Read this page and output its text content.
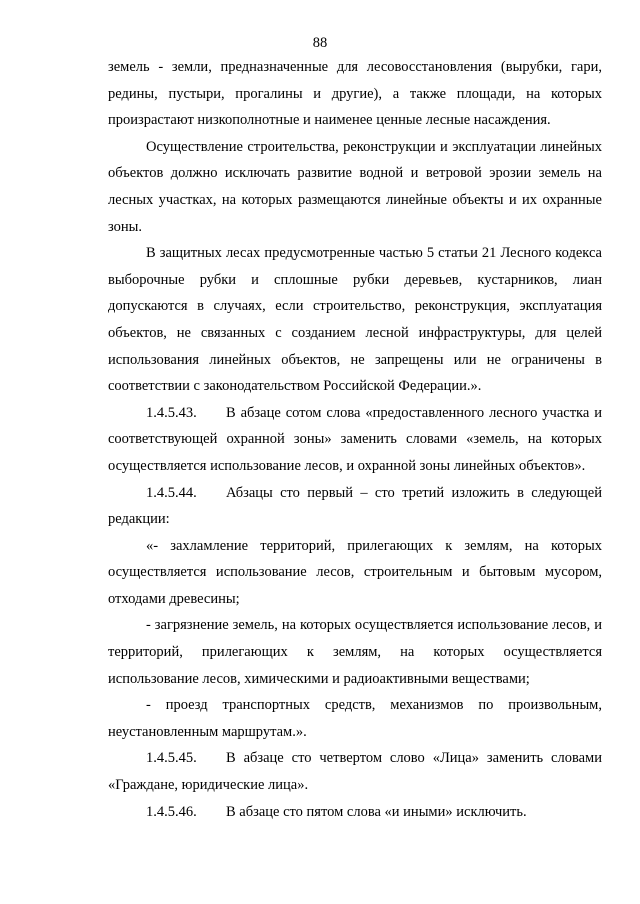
88

земель - земли, предназначенные для лесовосстановления (вырубки, гари, редины, пустыри, прогалины и другие), а также площади, на которых произрастают низкополнотные и наименее ценные лесные насаждения.

Осуществление строительства, реконструкции и эксплуатации линейных объектов должно исключать развитие водной и ветровой эрозии земель на лесных участках, на которых размещаются линейные объекты и их охранные зоны.

В защитных лесах предусмотренные частью 5 статьи 21 Лесного кодекса выборочные рубки и сплошные рубки деревьев, кустарников, лиан допускаются в случаях, если строительство, реконструкция, эксплуатация объектов, не связанных с созданием лесной инфраструктуры, для целей использования линейных объектов, не запрещены или не ограничены в соответствии с законодательством Российской Федерации.».

1.4.5.43. В абзаце сотом слова «предоставленного лесного участка и соответствующей охранной зоны» заменить словами «земель, на которых осуществляется использование лесов, и охранной зоны линейных объектов».

1.4.5.44. Абзацы сто первый – сто третий изложить в следующей редакции:

«- захламление территорий, прилегающих к землям, на которых осуществляется использование лесов, строительным и бытовым мусором, отходами древесины;

- загрязнение земель, на которых осуществляется использование лесов, и территорий, прилегающих к землям, на которых осуществляется использование лесов, химическими и радиоактивными веществами;

- проезд транспортных средств, механизмов по произвольным, неустановленным маршрутам.».

1.4.5.45. В абзаце сто четвертом слово «Лица» заменить словами «Граждане, юридические лица».

1.4.5.46. В абзаце сто пятом слова «и иными» исключить.
